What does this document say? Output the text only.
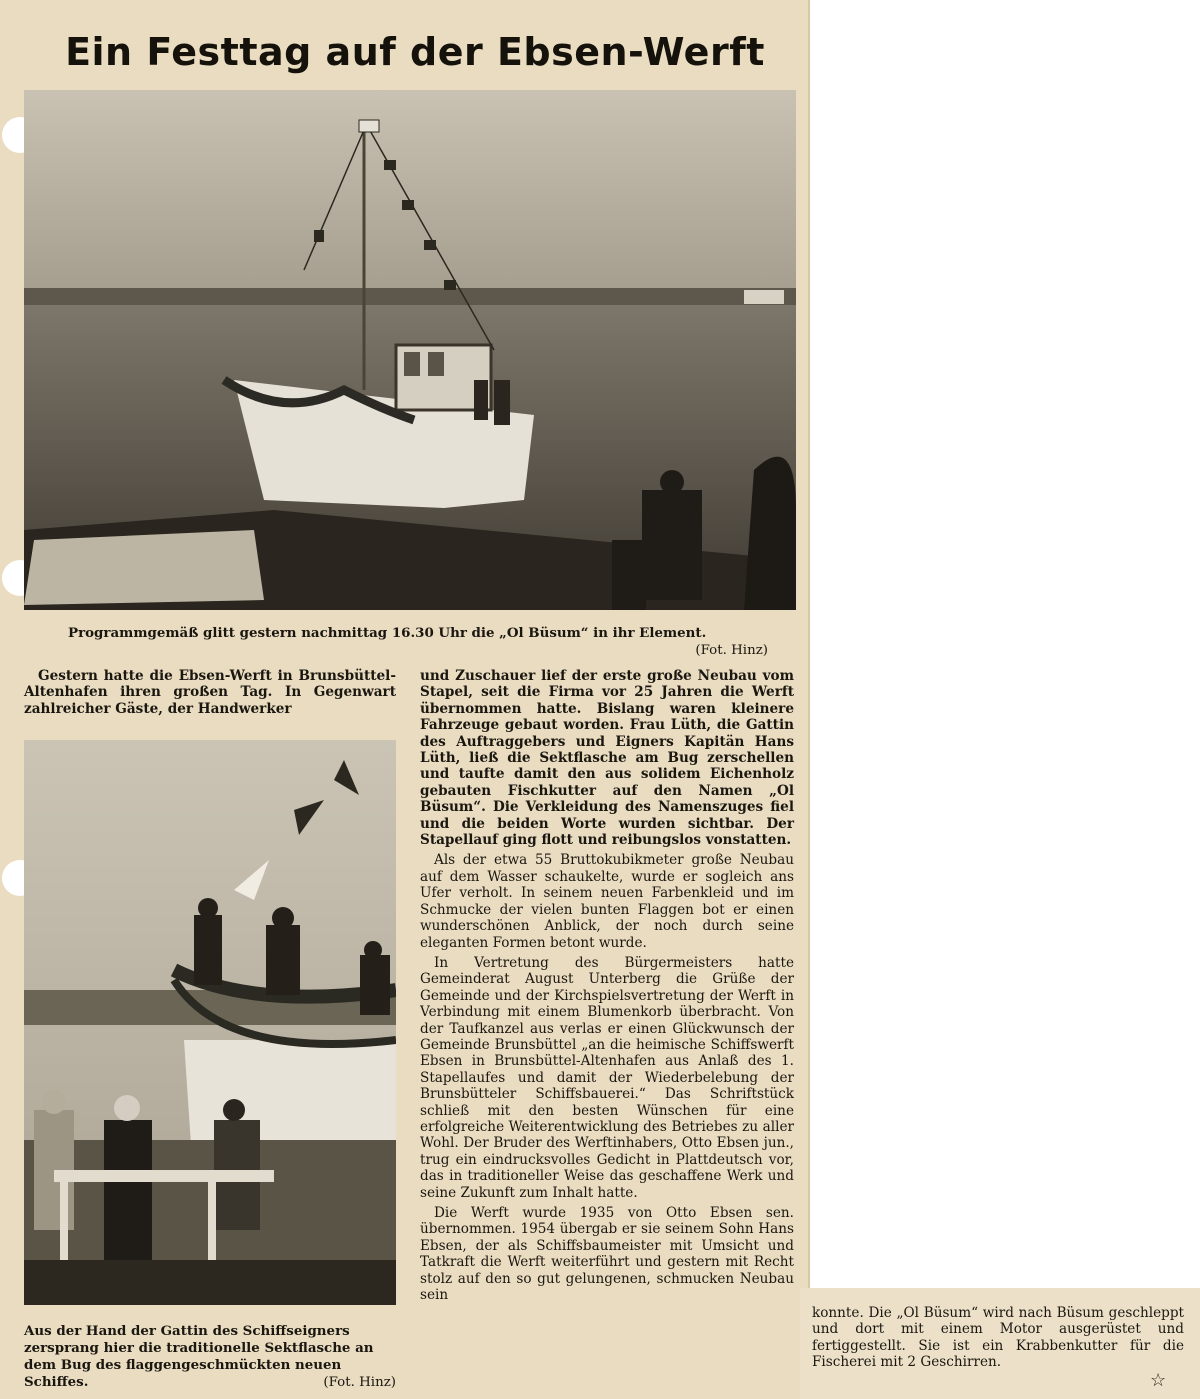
Ein Festtag auf der Ebsen-Werft

Programmgemäß glitt gestern nachmittag 16.30 Uhr die „Ol Büsum“ in ihr Element.

(Fot. Hinz)

Gestern hatte die Ebsen-Werft in Brunsbüttel-Altenhafen ihren großen Tag. In Gegenwart zahlreicher Gäste, der Handwerker

Aus der Hand der Gattin des Schiffseigners zersprang hier die traditionelle Sektflasche an dem Bug des flaggengeschmückten neuen Schiffes.	(Fot. Hinz)

und Zuschauer lief der erste große Neubau vom Stapel, seit die Firma vor 25 Jahren die Werft übernommen hatte. Bislang waren kleinere Fahrzeuge gebaut worden. Frau Lüth, die Gattin des Auftraggebers und Eigners Kapitän Hans Lüth, ließ die Sektflasche am Bug zerschellen und taufte damit den aus solidem Eichenholz gebauten Fischkutter auf den Namen „Ol Büsum“. Die Verkleidung des Namenszuges fiel und die beiden Worte wurden sichtbar. Der Stapellauf ging flott und reibungslos vonstatten.

Als der etwa 55 Bruttokubikmeter große Neubau auf dem Wasser schaukelte, wurde er sogleich ans Ufer verholt. In seinem neuen Farbenkleid und im Schmucke der vielen bunten Flaggen bot er einen wunderschönen Anblick, der noch durch seine eleganten Formen betont wurde.

In Vertretung des Bürgermeisters hatte Gemeinderat August Unterberg die Grüße der Gemeinde und der Kirchspielsvertretung der Werft in Verbindung mit einem Blumenkorb überbracht. Von der Taufkanzel aus verlas er einen Glückwunsch der Gemeinde Brunsbüttel „an die heimische Schiffswerft Ebsen in Brunsbüttel-Altenhafen aus Anlaß des 1. Stapellaufes und damit der Wiederbelebung der Brunsbütteler Schiffsbauerei.“ Das Schriftstück schließ mit den besten Wünschen für eine erfolgreiche Weiterentwicklung des Betriebes zu aller Wohl. Der Bruder des Werftinhabers, Otto Ebsen jun., trug ein eindrucksvolles Gedicht in Plattdeutsch vor, das in traditioneller Weise das geschaffene Werk und seine Zukunft zum Inhalt hatte.

Die Werft wurde 1935 von Otto Ebsen sen. übernommen. 1954 übergab er sie seinem Sohn Hans Ebsen, der als Schiffsbaumeister mit Umsicht und Tatkraft die Werft weiterführt und gestern mit Recht stolz auf den so gut gelungenen, schmucken Neubau sein

konnte. Die „Ol Büsum“ wird nach Büsum geschleppt und dort mit einem Motor ausgerüstet und fertiggestellt. Sie ist ein Krabbenkutter für die Fischerei mit 2 Geschirren.

☆
